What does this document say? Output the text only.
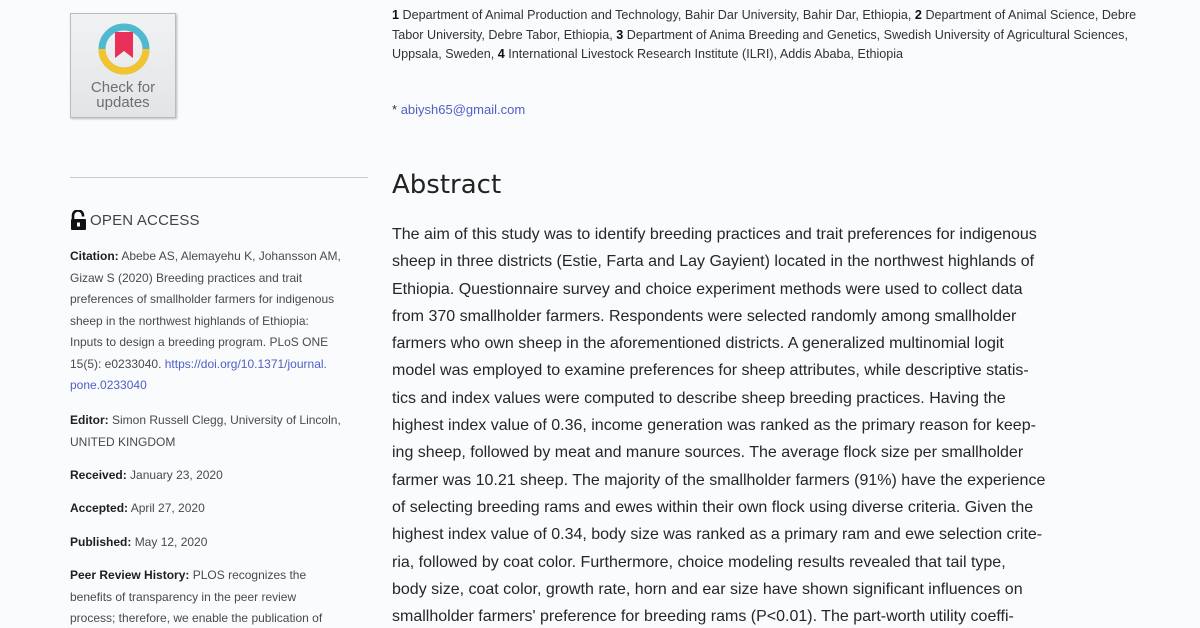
Check for
updates
OPEN ACCESS
Citation: Abebe AS, Alemayehu K, Johansson AM,
Gizaw S (2020) Breeding practices and trait
preferences of smallholder farmers for indigenous
sheep in the northwest highlands of Ethiopia:
Inputs to design a breeding program. PLoS ONE
15(5): e0233040. https://doi.org/10.1371/journal.
pone.0233040
Editor: Simon Russell Clegg, University of Lincoln,
UNITED KINGDOM
Received: January 23, 2020
Accepted: April 27, 2020
Published: May 12, 2020
Peer Review History: PLOS recognizes the
benefits of transparency in the peer review
process; therefore, we enable the publication of
1 Department of Animal Production and Technology, Bahir Dar University, Bahir Dar, Ethiopia, 2 Department of Animal Science, Debre Tabor University, Debre Tabor, Ethiopia, 3 Department of Anima Breeding and Genetics, Swedish University of Agricultural Sciences, Uppsala, Sweden, 4 International Livestock Research Institute (ILRI), Addis Ababa, Ethiopia
* abiysh65@gmail.com
Abstract
The aim of this study was to identify breeding practices and trait preferences for indigenous
sheep in three districts (Estie, Farta and Lay Gayient) located in the northwest highlands of
Ethiopia. Questionnaire survey and choice experiment methods were used to collect data
from 370 smallholder farmers. Respondents were selected randomly among smallholder
farmers who own sheep in the aforementioned districts. A generalized multinomial logit
model was employed to examine preferences for sheep attributes, while descriptive statis-
tics and index values were computed to describe sheep breeding practices. Having the
highest index value of 0.36, income generation was ranked as the primary reason for keep-
ing sheep, followed by meat and manure sources. The average flock size per smallholder
farmer was 10.21 sheep. The majority of the smallholder farmers (91%) have the experience
of selecting breeding rams and ewes within their own flock using diverse criteria. Given the
highest index value of 0.34, body size was ranked as a primary ram and ewe selection crite-
ria, followed by coat color. Furthermore, choice modeling results revealed that tail type,
body size, coat color, growth rate, horn and ear size have shown significant influences on
smallholder farmers' preference for breeding rams (P<0.01). The part-worth utility coeffi-
